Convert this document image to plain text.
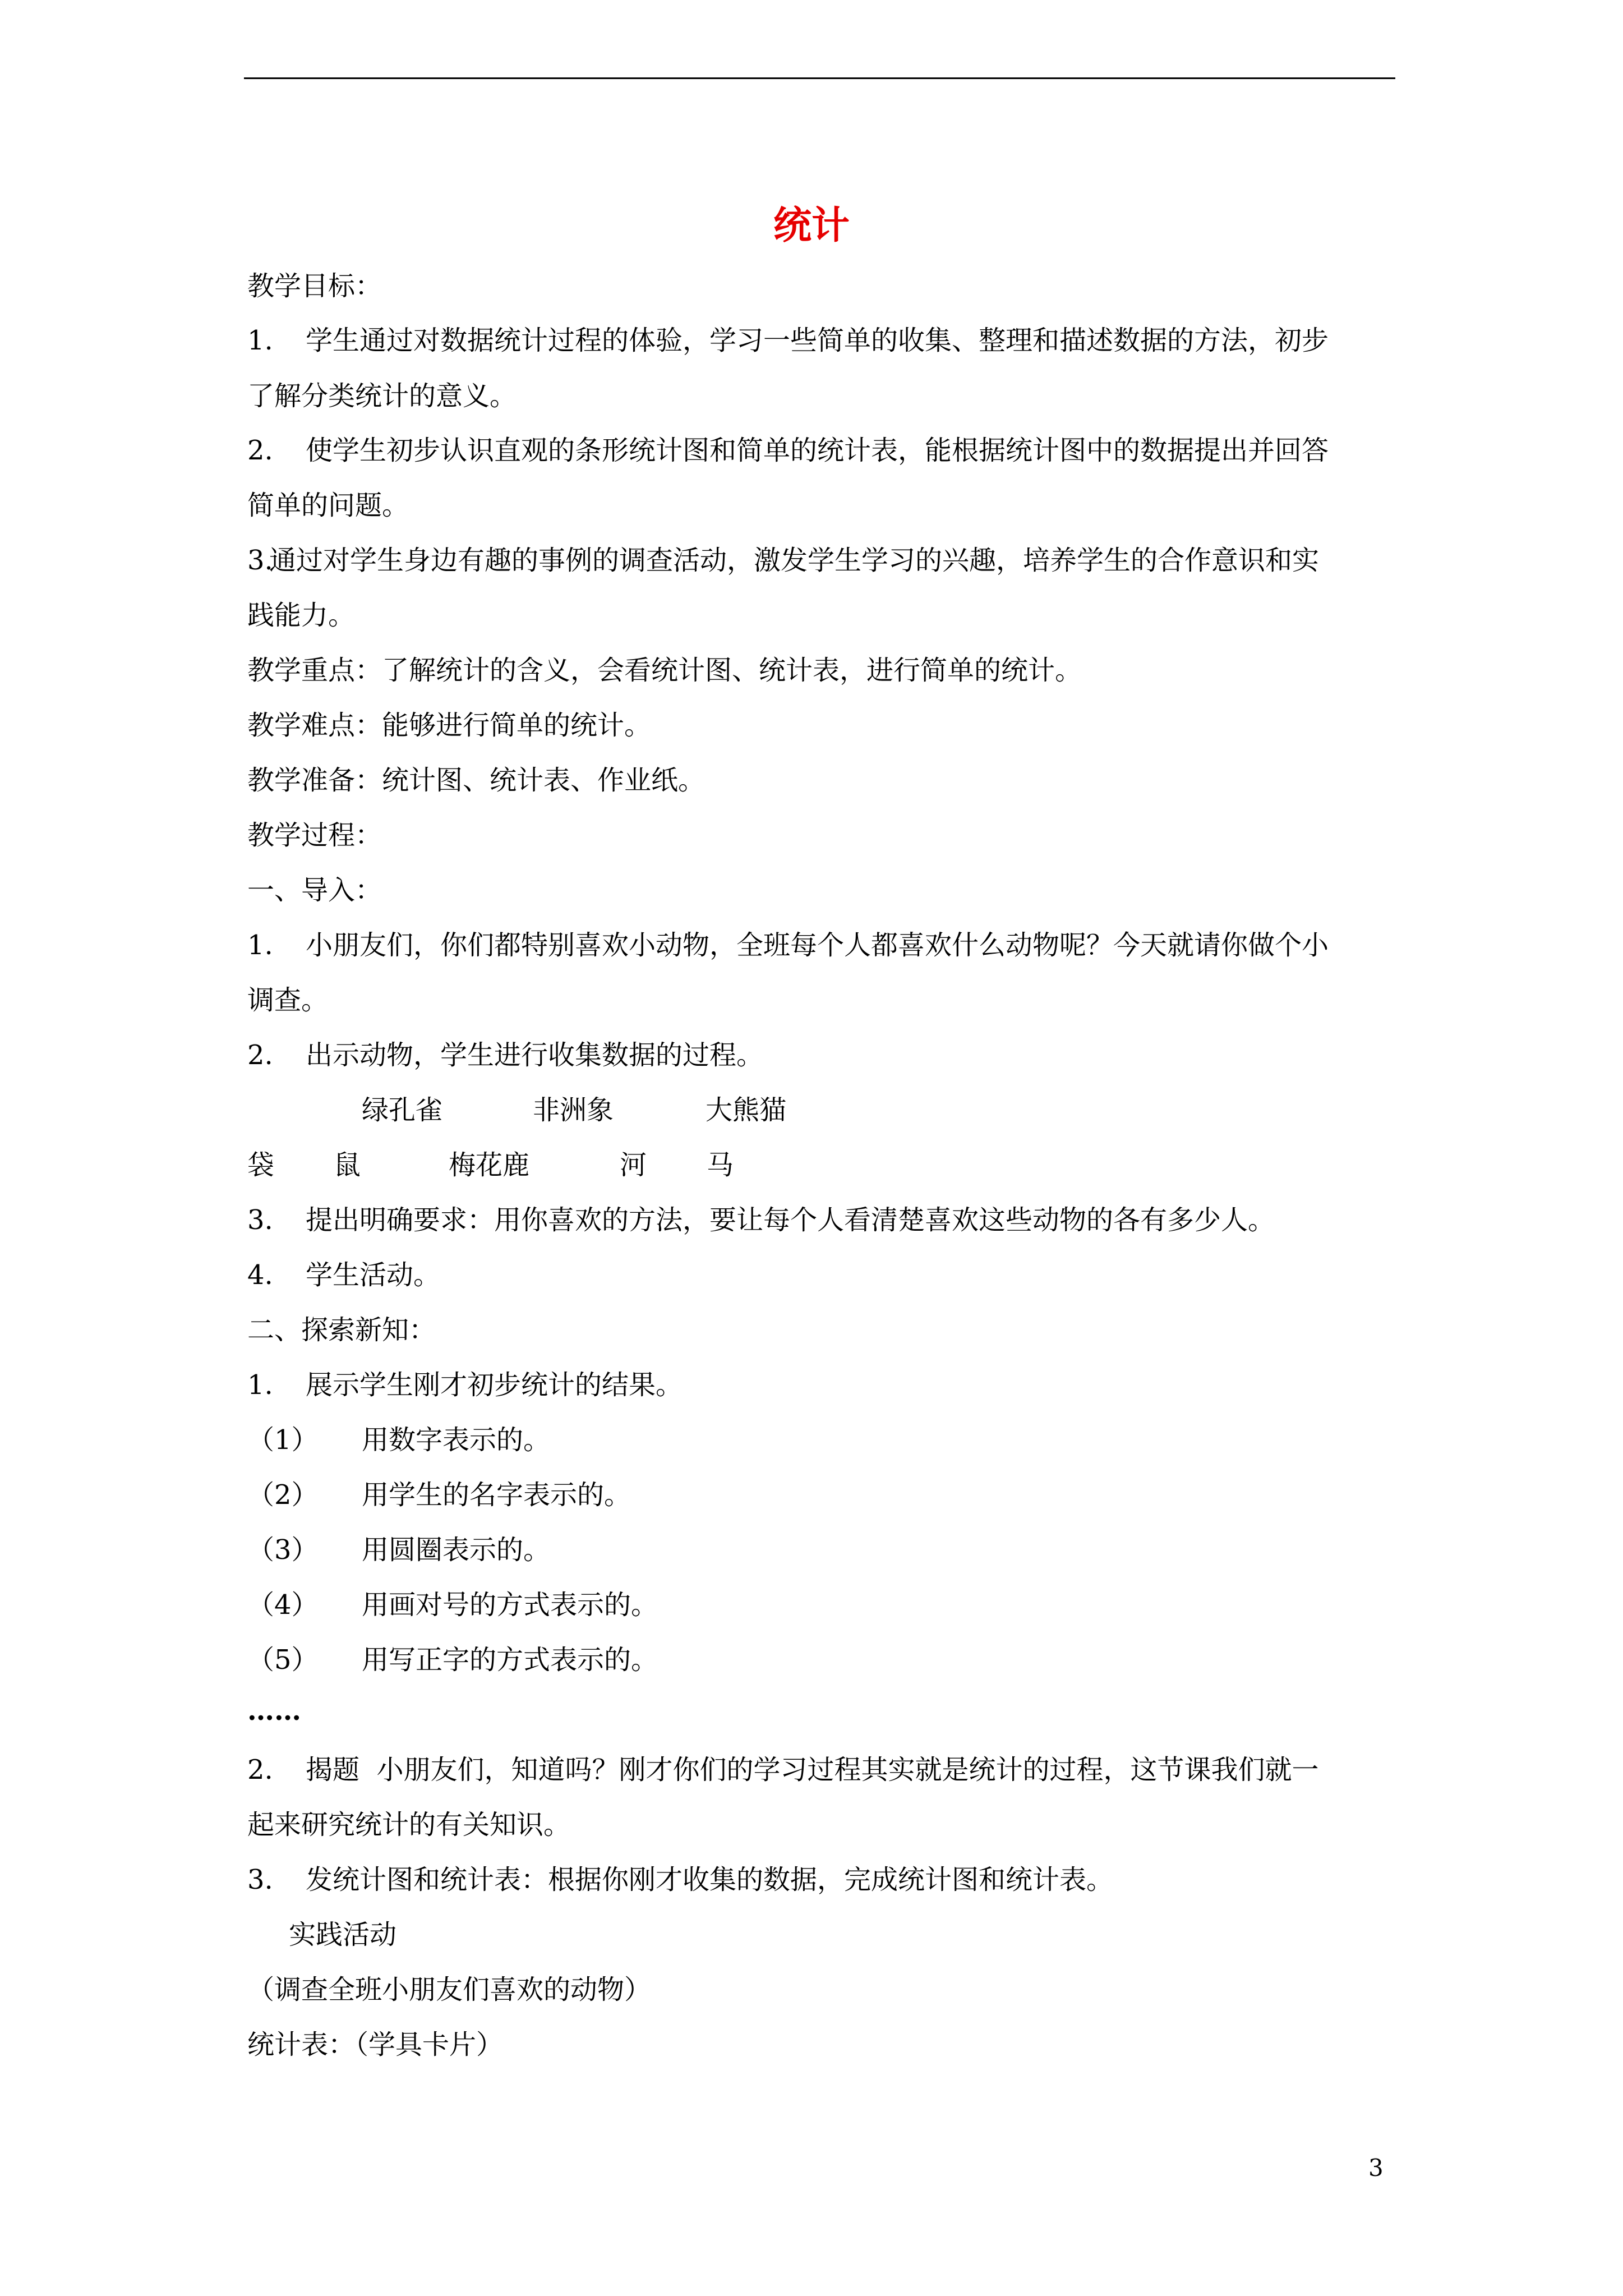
统计
教学目标：
1. 学生通过对数据统计过程的体验，学习一些简单的收集、整理和描述数据的方法，初步
了解分类统计的意义。
2. 使学生初步认识直观的条形统计图和简单的统计表，能根据统计图中的数据提出并回答
简单的问题。
3.
通过对学生身边有趣的事例的调查活动，激发学生学习的兴趣，培养学生的合作意识和实
践能力。
教学重点：了解统计的含义，会看统计图、统计表，进行简单的统计。
教学难点：能够进行简单的统计。
教学准备：统计图、统计表、作业纸。
教学过程：
一、导入：
1. 小朋友们，你们都特别喜欢小动物，全班每个人都喜欢什么动物呢？今天就请你做个小
调查。
2. 出示动物，学生进行收集数据的过程。
绿孔雀	非洲象	大熊猫
袋 鼠	梅花鹿	河 马
3. 提出明确要求：用你喜欢的方法，要让每个人看清楚喜欢这些动物的各有多少人。
4. 学生活动。
二、探索新知：
1. 展示学生刚才初步统计的结果。
（1） 用数字表示的。
（2） 用学生的名字表示的。
（3） 用圆圈表示的。
（4） 用画对号的方式表示的。
（5） 用写正字的方式表示的。
……
2. 揭题  小朋友们，知道吗？刚才你们的学习过程其实就是统计的过程，这节课我们就一
起来研究统计的有关知识。
3. 发统计图和统计表：根据你刚才收集的数据，完成统计图和统计表。
实践活动
（调查全班小朋友们喜欢的动物）
统计表：（学具卡片）
3
